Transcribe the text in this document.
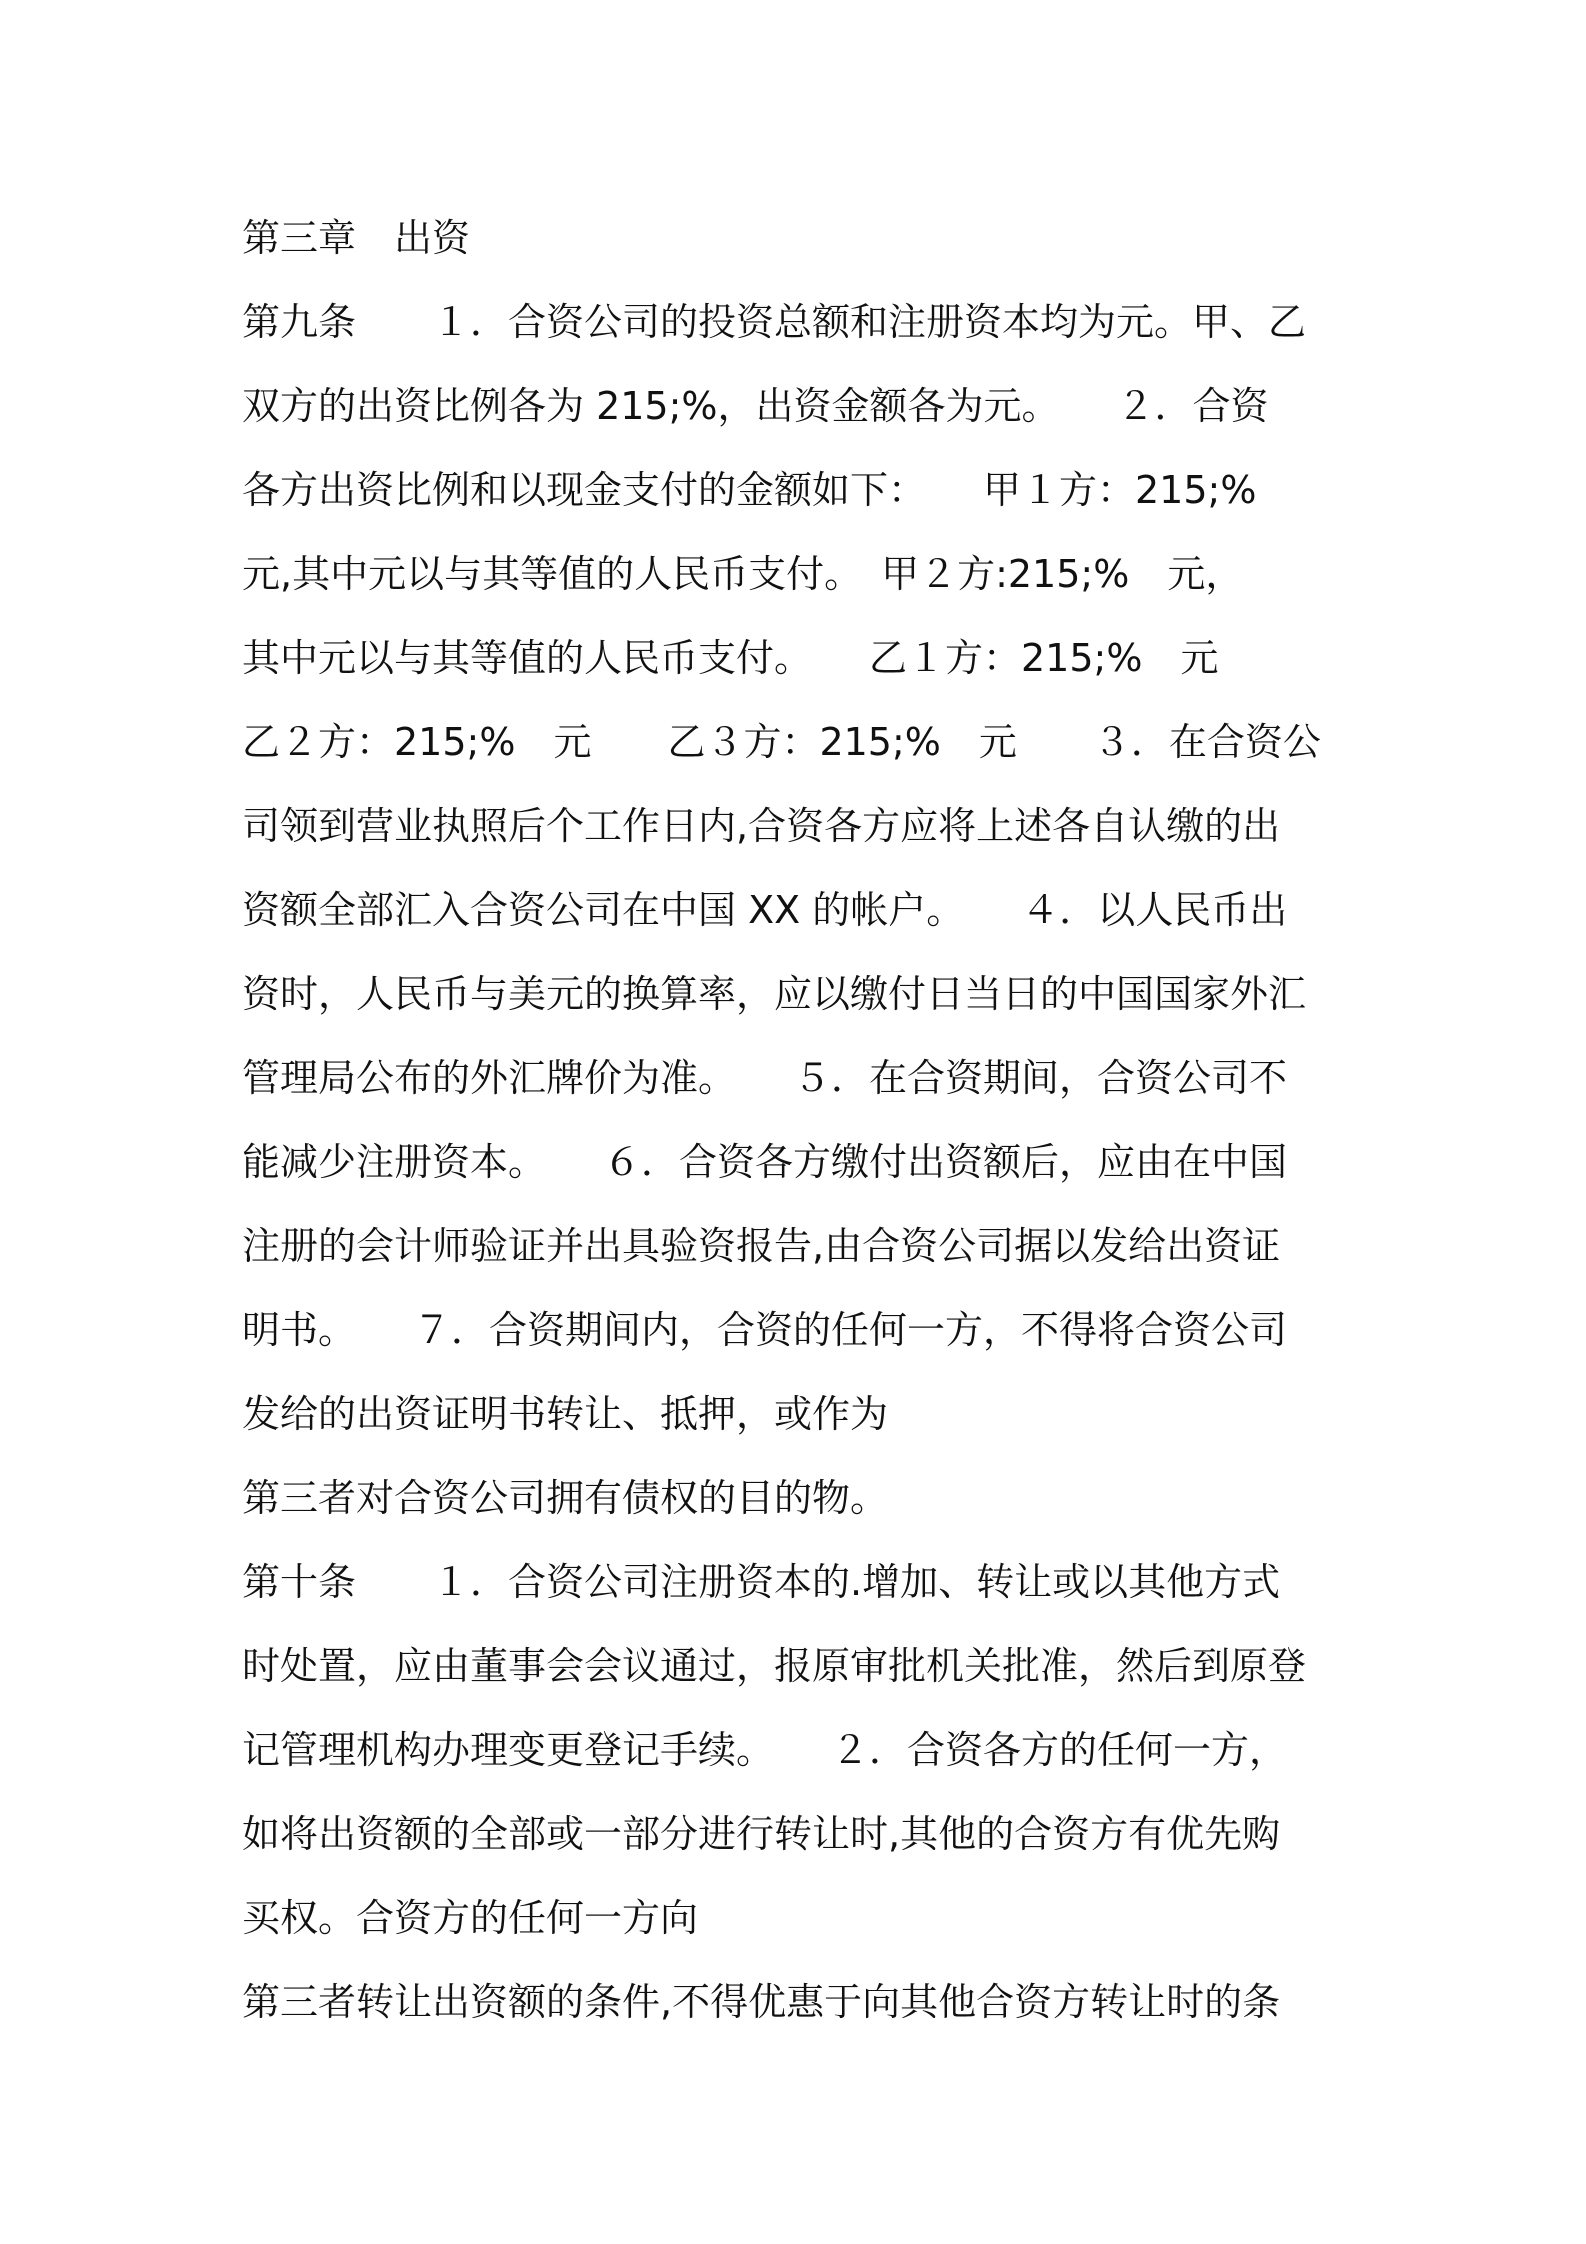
第三章　出资
第九条　　１．合资公司的投资总额和注册资本均为元。甲、乙
双方的出资比例各为 215;%，出资金额各为元。　　２．合资
各方出资比例和以现金支付的金额如下：　　甲１方：215;%
元,其中元以与其等值的人民币支付。　甲２方:215;%　元，
其中元以与其等值的人民币支付。　　乙１方：215;%　元
乙２方：215;%　元　　乙３方：215;%　元　　３．在合资公
司领到营业执照后个工作日内,合资各方应将上述各自认缴的出
资额全部汇入合资公司在中国 XX 的帐户。　　４．以人民币出
资时，人民币与美元的换算率，应以缴付日当日的中国国家外汇
管理局公布的外汇牌价为准。　　５．在合资期间，合资公司不
能减少注册资本。　　６．合资各方缴付出资额后，应由在中国
注册的会计师验证并出具验资报告,由合资公司据以发给出资证
明书。　　７．合资期间内，合资的任何一方，不得将合资公司
发给的出资证明书转让、抵押，或作为
第三者对合资公司拥有债权的目的物。
第十条　　１．合资公司注册资本的.增加、转让或以其他方式
时处置，应由董事会会议通过，报原审批机关批准，然后到原登
记管理机构办理变更登记手续。　　２．合资各方的任何一方，
如将出资额的全部或一部分进行转让时,其他的合资方有优先购
买权。合资方的任何一方向
第三者转让出资额的条件,不得优惠于向其他合资方转让时的条
